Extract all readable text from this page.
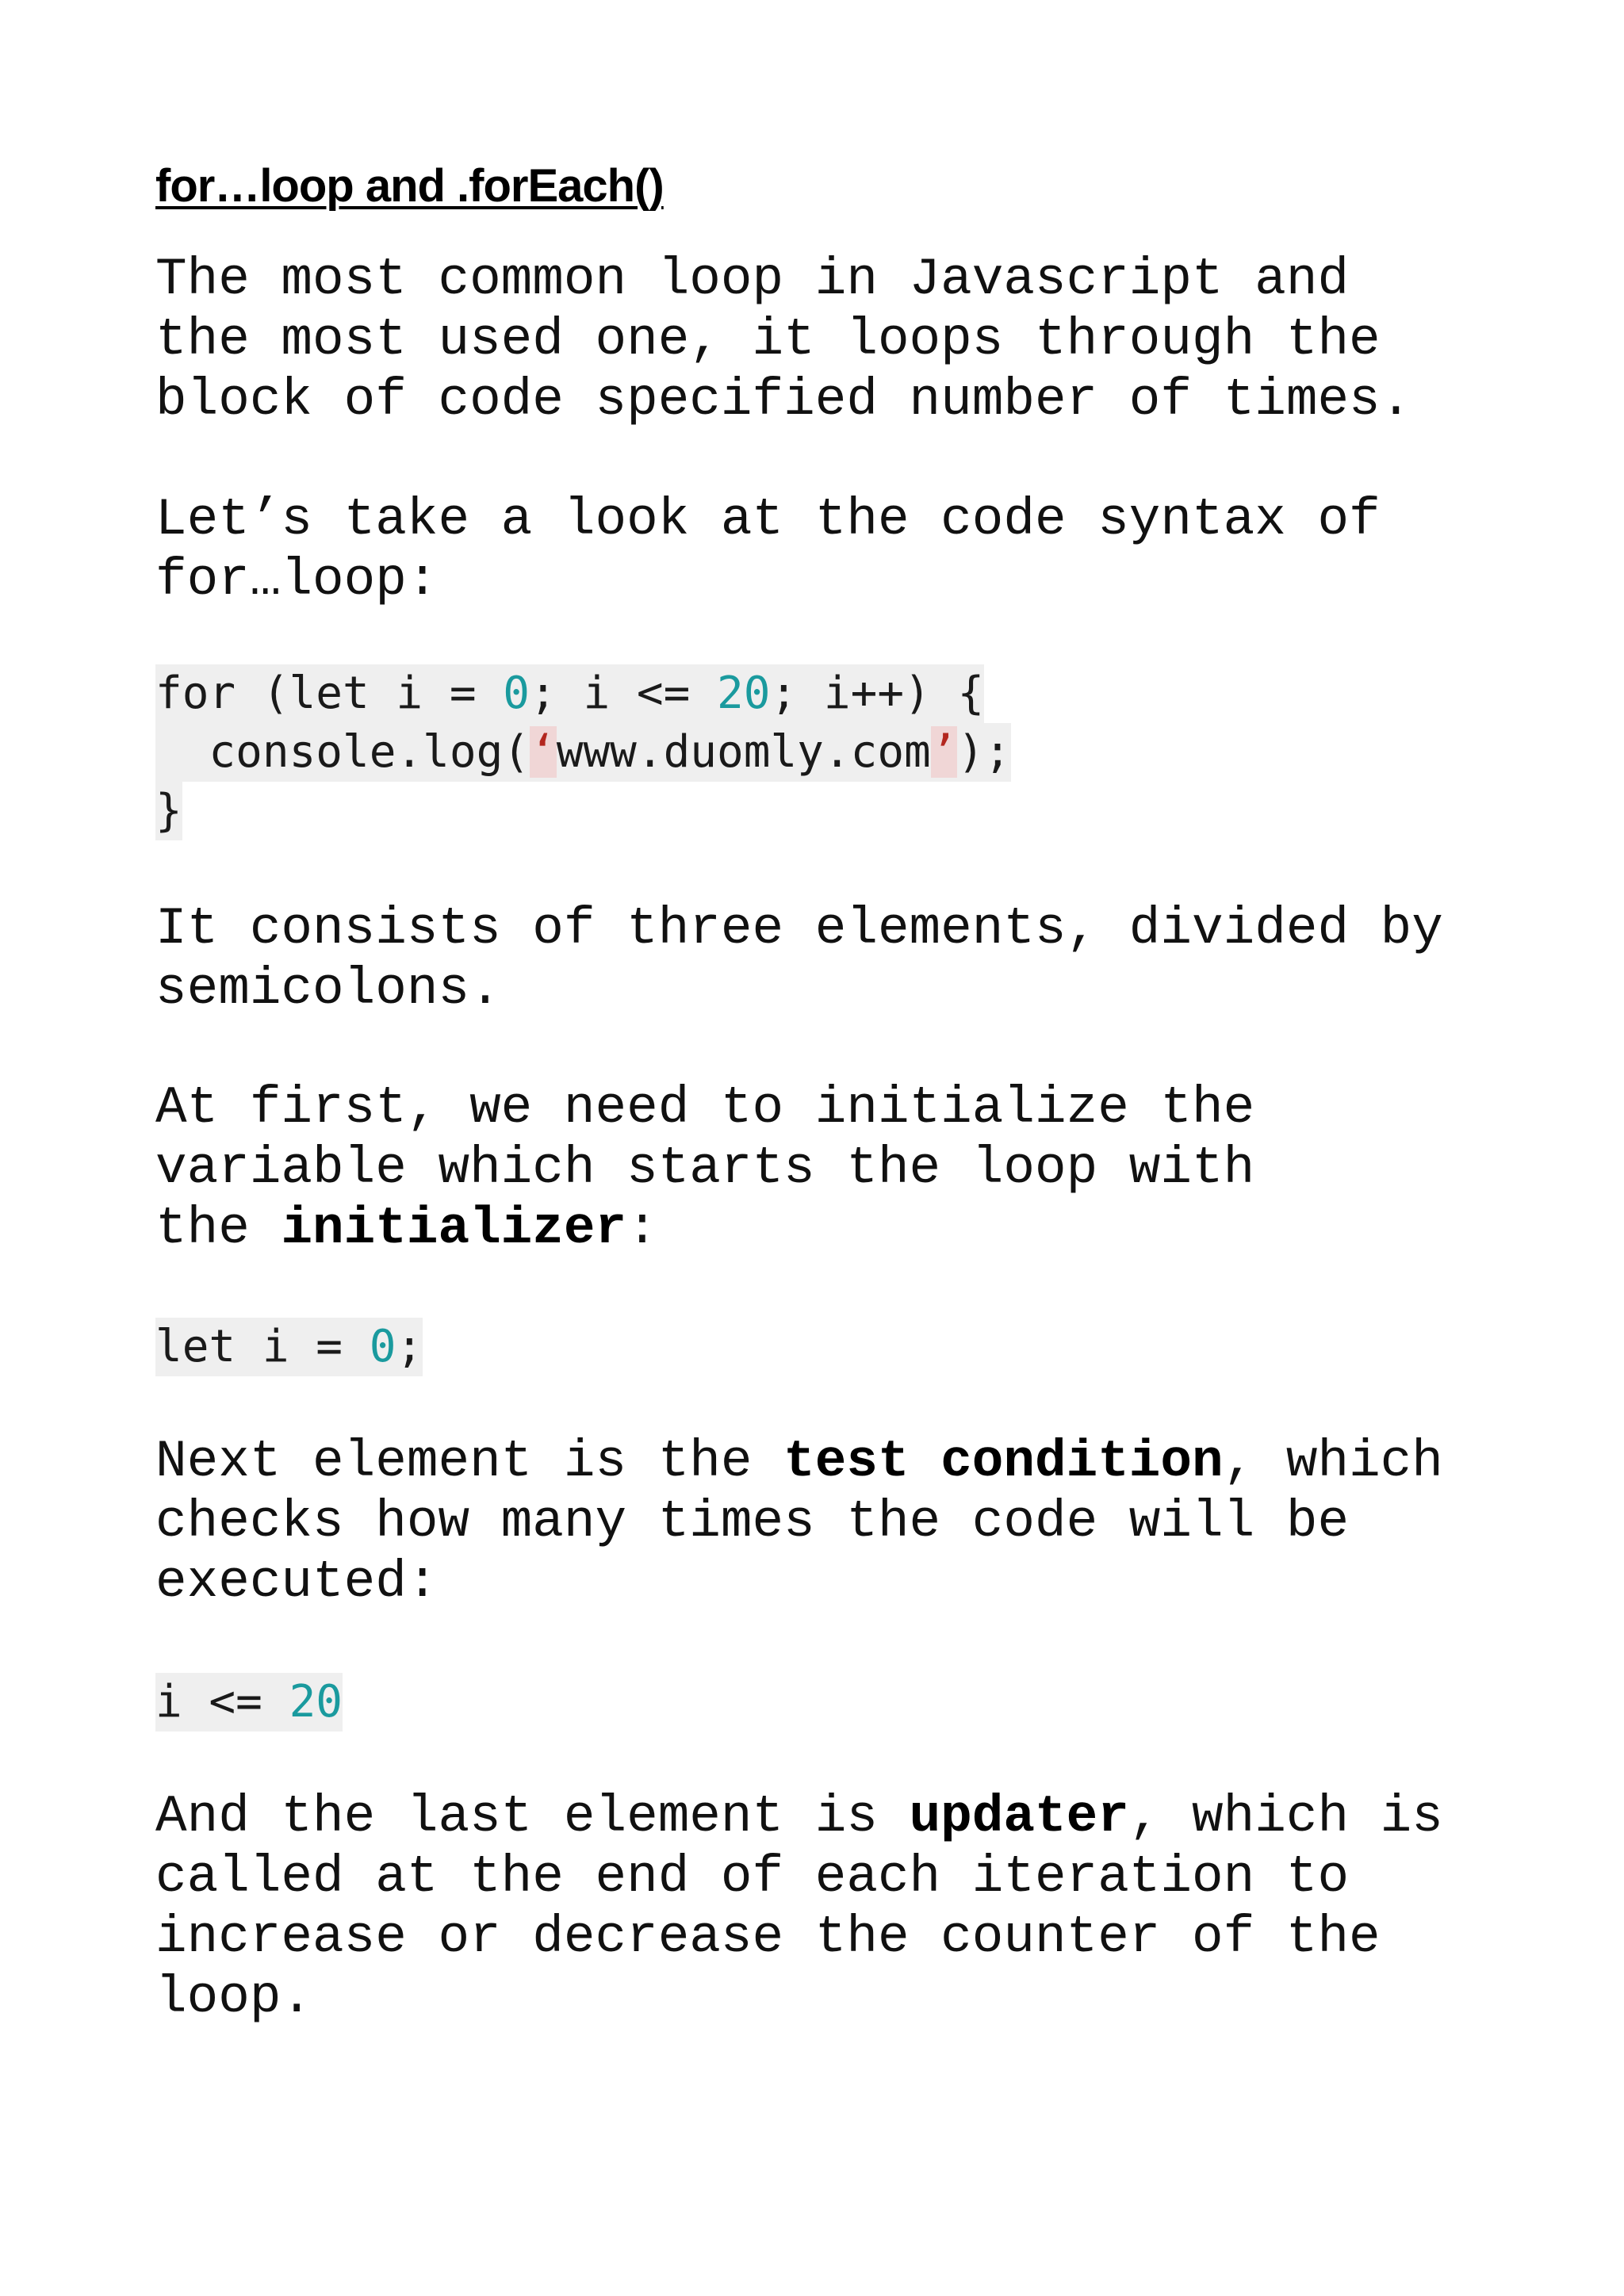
for…loop and .forEach()
The most common loop in Javascript and
the most used one, it loops through the
block of code specified number of times.
Let’s take a look at the code syntax of
for…loop:
for (let i = 0; i <= 20; i++) {
console.log(‘www.duomly.com’);
}
It consists of three elements, divided by
semicolons.
At first, we need to initialize the
variable which starts the loop with
the initializer:
let i = 0;
Next element is the test condition, which
checks how many times the code will be
executed:
i <= 20
And the last element is updater, which is
called at the end of each iteration to
increase or decrease the counter of the
loop.
